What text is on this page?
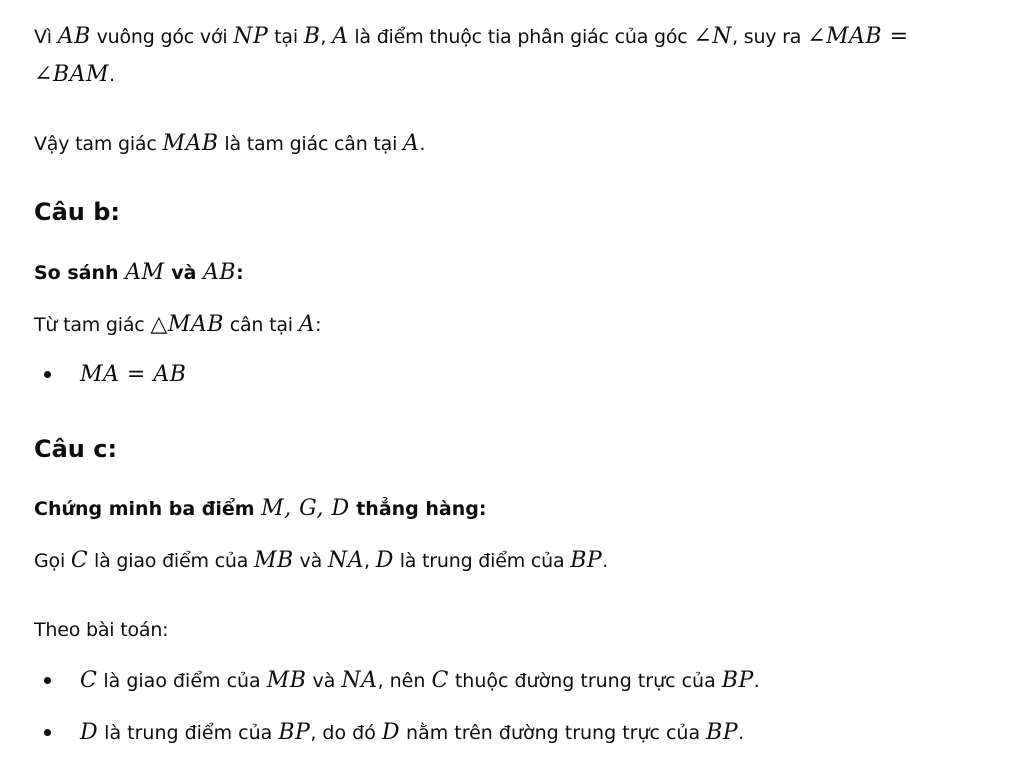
Vì AB vuông góc với NP tại B, A là điểm thuộc tia phân giác của góc ∠N, suy ra ∠MAB =
∠BAM.

Vậy tam giác MAB là tam giác cân tại A.

Câu b:

So sánh AM và AB:

Từ tam giác △MAB cân tại A:

MA = AB
Câu c:

Chứng minh ba điểm M, G, D thẳng hàng:

Gọi C là giao điểm của MB và NA, D là trung điểm của BP.

Theo bài toán:

C là giao điểm của MB và NA, nên C thuộc đường trung trực của BP.
D là trung điểm của BP, do đó D nằm trên đường trung trực của BP.
